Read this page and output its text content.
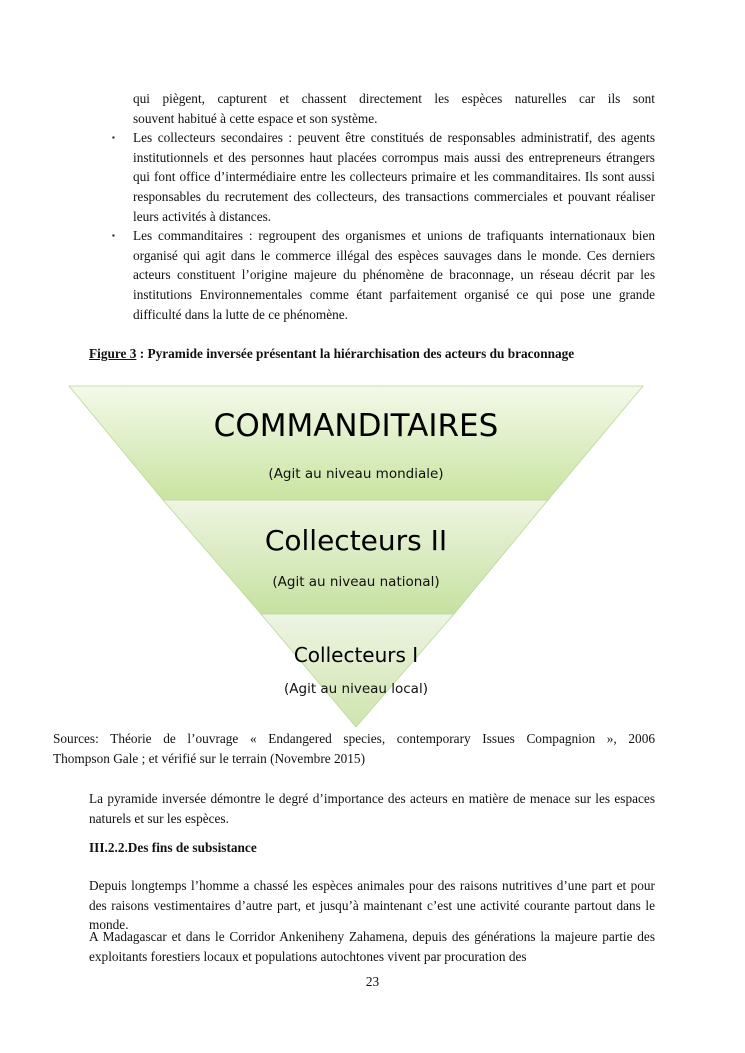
qui piègent, capturent et chassent directement les espèces naturelles car ils sont
souvent habitué à cette espace et son système.
▪ Les collecteurs secondaires : peuvent être constitués de responsables administratif, des agents institutionnels et des personnes haut placées corrompus mais aussi des entrepreneurs étrangers qui font office d’intermédiaire entre les collecteurs primaire et les commanditaires. Ils sont aussi responsables du recrutement des collecteurs, des transactions commerciales et pouvant réaliser leurs activités à distances.
▪ Les commanditaires : regroupent des organismes et unions de trafiquants internationaux bien organisé qui agit dans le commerce illégal des espèces sauvages dans le monde. Ces derniers acteurs constituent l’origine majeure du phénomène de braconnage, un réseau décrit par les institutions Environnementales comme étant parfaitement organisé ce qui pose une grande difficulté dans la lutte de ce phénomène.
Figure 3 : Pyramide inversée présentant la hiérarchisation des acteurs du braconnage
COMMANDITAIRES
(Agit au niveau mondiale)
Collecteurs II
(Agit au niveau national)
Collecteurs I
(Agit au niveau local)
Sources: Théorie de l’ouvrage « Endangered species, contemporary Issues Compagnion », 2006
Thompson Gale ; et vérifié sur le terrain (Novembre 2015)
La pyramide inversée démontre le degré d’importance des acteurs en matière de menace sur les espaces naturels et sur les espèces.
III.2.2.Des fins de subsistance
Depuis longtemps l’homme a chassé les espèces animales pour des raisons nutritives d’une part et pour des raisons vestimentaires d’autre part, et jusqu’à maintenant c’est une activité courante partout dans le monde.
A Madagascar et dans le Corridor Ankeniheny Zahamena, depuis des générations la majeure partie des exploitants forestiers locaux et populations autochtones vivent par procuration des
23
